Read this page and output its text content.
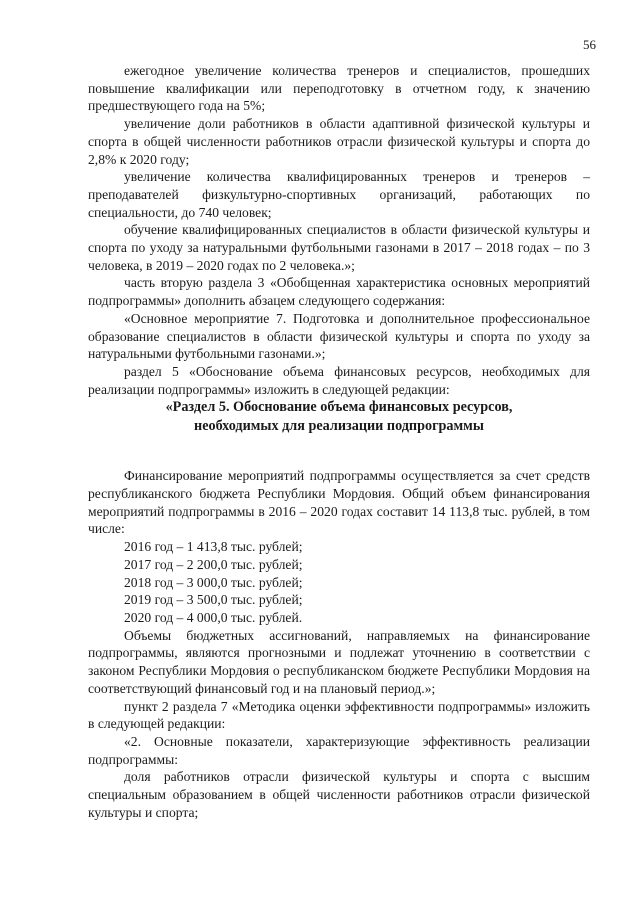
56

ежегодное увеличение количества тренеров и специалистов, прошедших повышение квалификации или переподготовку в отчетном году, к значению предшествующего года на 5%;

увеличение доли работников в области адаптивной физической культуры и спорта в общей численности работников отрасли физической культуры и спорта до 2,8% к 2020 году;

увеличение количества квалифицированных тренеров и тренеров – преподавателей физкультурно-спортивных организаций, работающих по специальности, до 740 человек;

обучение квалифицированных специалистов в области физической культуры и спорта по уходу за натуральными футбольными газонами в 2017 – 2018 годах – по 3 человека, в 2019 – 2020 годах по 2 человека.»;

часть вторую раздела 3 «Обобщенная характеристика основных мероприятий подпрограммы» дополнить абзацем следующего содержания:

«Основное мероприятие 7. Подготовка и дополнительное профессиональное образование специалистов в области физической культуры и спорта по уходу за натуральными футбольными газонами.»;

раздел 5 «Обоснование объема финансовых ресурсов, необходимых для реализации подпрограммы» изложить в следующей редакции:

«Раздел 5. Обоснование объема финансовых ресурсов,
необходимых для реализации подпрограммы

Финансирование мероприятий подпрограммы осуществляется за счет средств республиканского бюджета Республики Мордовия. Общий объем финансирования мероприятий подпрограммы в 2016 – 2020 годах составит 14 113,8 тыс. рублей, в том числе:

2016 год – 1 413,8 тыс. рублей;
2017 год – 2 200,0 тыс. рублей;
2018 год – 3 000,0 тыс. рублей;
2019 год – 3 500,0 тыс. рублей;
2020 год – 4 000,0 тыс. рублей.

Объемы бюджетных ассигнований, направляемых на финансирование подпрограммы, являются прогнозными и подлежат уточнению в соответствии с законом Республики Мордовия о республиканском бюджете Республики Мордовия на соответствующий финансовый год и на плановый период.»;

пункт 2 раздела 7 «Методика оценки эффективности подпрограммы» изложить в следующей редакции:

«2. Основные показатели, характеризующие эффективность реализации подпрограммы:

доля работников отрасли физической культуры и спорта с высшим специальным образованием в общей численности работников отрасли физической культуры и спорта;
